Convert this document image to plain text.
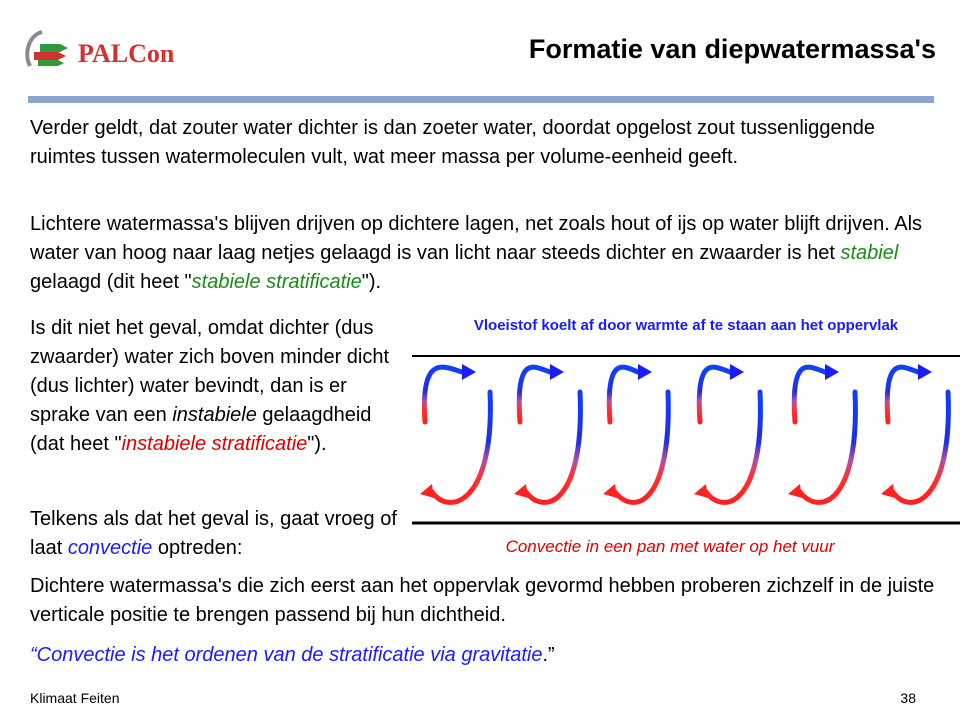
PALCon	Formatie van diepwatermassa's
Verder geldt, dat zouter water dichter is dan zoeter water, doordat opgelost zout tussenliggende ruimtes tussen watermoleculen vult, wat meer massa per volume-eenheid geeft.
Lichtere watermassa's blijven drijven op dichtere lagen, net zoals hout of ijs op water blijft drijven. Als water van hoog naar laag netjes gelaagd is van licht naar steeds dichter en zwaarder is het stabiel gelaagd (dit heet "stabiele stratificatie").
Is dit niet het geval, omdat dichter (dus zwaarder) water zich boven minder dicht (dus lichter) water bevindt, dan is er sprake van een instabiele gelaagdheid (dat heet "instabiele stratificatie").
Telkens als dat het geval is, gaat vroeg of laat convectie optreden:
Vloeistof koelt af door warmte af te staan aan het oppervlak
Convectie in een pan met water op het vuur
Dichtere watermassa's die zich eerst aan het oppervlak gevormd hebben proberen zichzelf in de juiste verticale positie te brengen passend bij hun dichtheid.
“Convectie is het ordenen van de stratificatie via gravitatie.”
Klimaat Feiten	38
